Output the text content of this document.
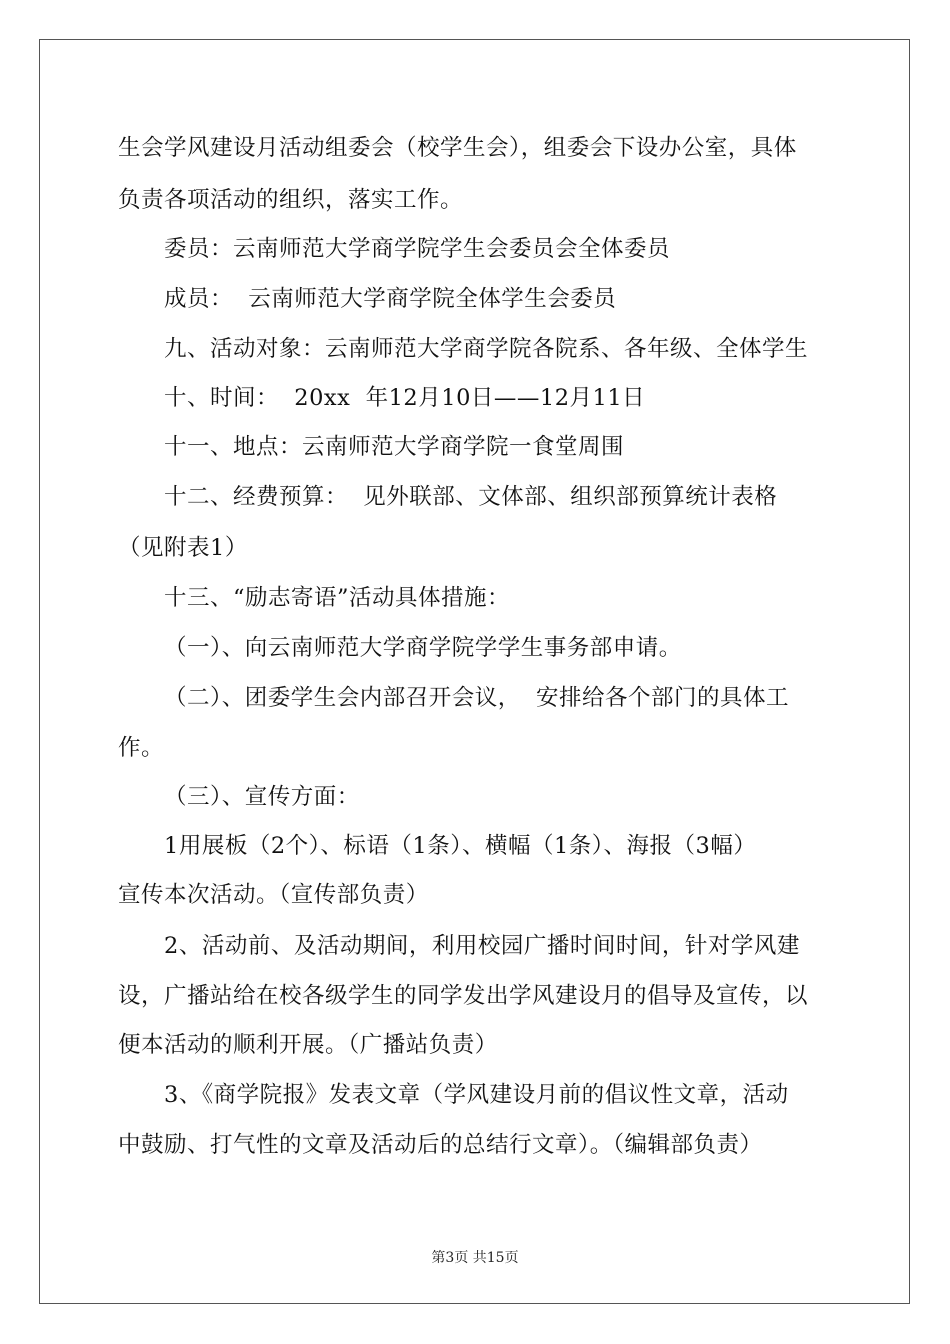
生会学风建设月活动组委会（校学生会），组委会下设办公室，具体
负责各项活动的组织，落实工作。
委员：云南师范大学商学院学生会委员会全体委员
成员：  云南师范大学商学院全体学生会委员
九、活动对象：云南师范大学商学院各院系、各年级、全体学生
十、时间：  20xx  年12月10日——12月11日
十一、地点：云南师范大学商学院一食堂周围
十二、经费预算：  见外联部、文体部、组织部预算统计表格
（见附表1）
十三、“励志寄语”活动具体措施：
（一）、向云南师范大学商学院学学生事务部申请。
（二）、团委学生会内部召开会议，  安排给各个部门的具体工
作。
（三）、宣传方面：
1用展板（2个）、标语（1条）、横幅（1条）、海报（3幅）
宣传本次活动。（宣传部负责）
2、活动前、及活动期间，利用校园广播时间时间，针对学风建
设，广播站给在校各级学生的同学发出学风建设月的倡导及宣传，以
便本活动的顺利开展。（广播站负责）
3、《商学院报》发表文章（学风建设月前的倡议性文章，活动
中鼓励、打气性的文章及活动后的总结行文章）。（编辑部负责）
第3页 共15页
